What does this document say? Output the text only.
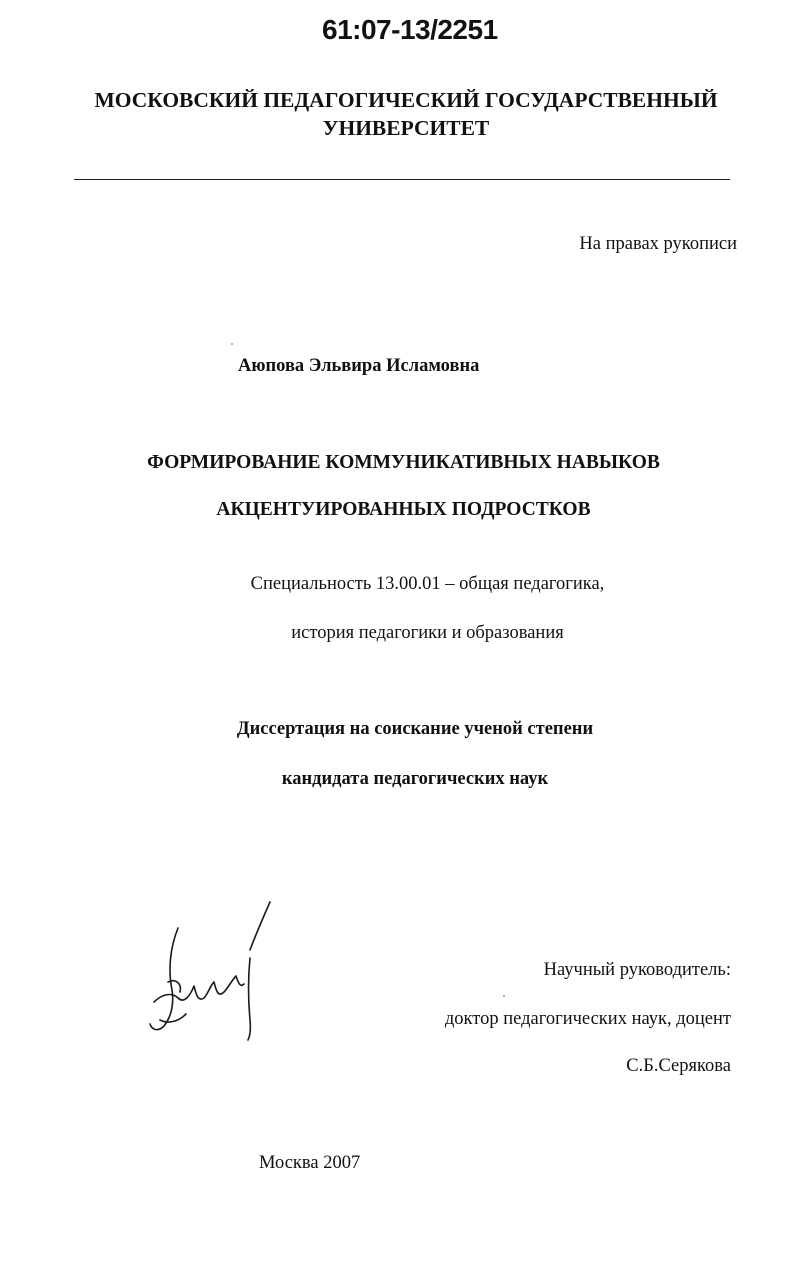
61:07-13/2251
МОСКОВСКИЙ ПЕДАГОГИЧЕСКИЙ ГОСУДАРСТВЕННЫЙ
УНИВЕРСИТЕТ
На правах рукописи
Аюпова Эльвира Исламовна
ФОРМИРОВАНИЕ КОММУНИКАТИВНЫХ НАВЫКОВ
АКЦЕНТУИРОВАННЫХ ПОДРОСТКОВ
Специальность 13.00.01 – общая педагогика,
история педагогики и образования
Диссертация на соискание ученой степени
кандидата педагогических наук
Научный руководитель:
доктор педагогических наук, доцент
С.Б.Серякова
Москва 2007
